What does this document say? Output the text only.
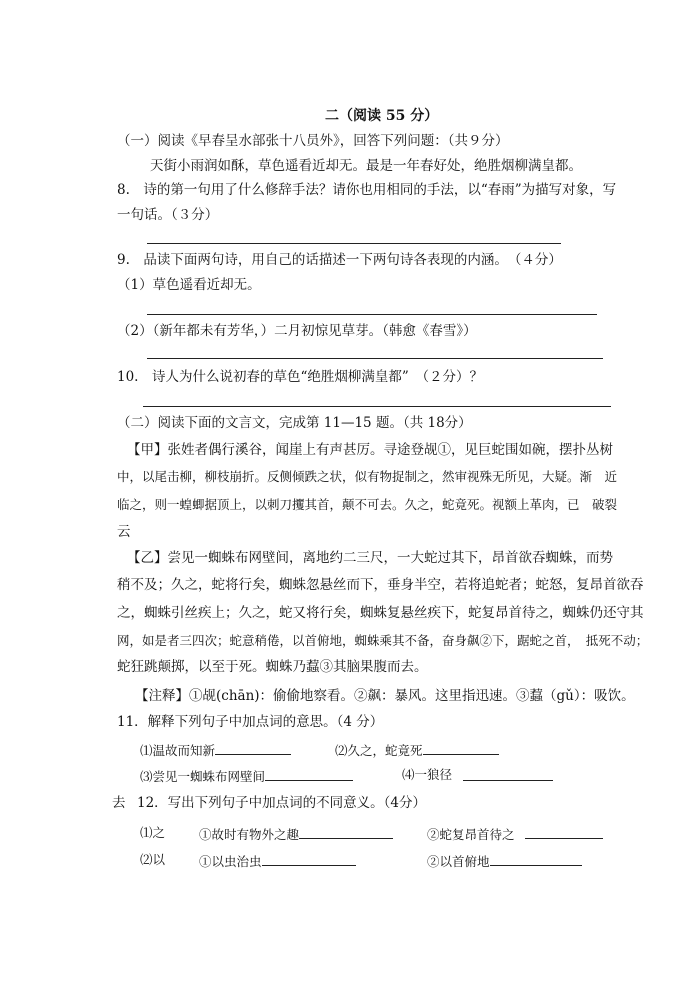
二（阅读 55 分）
（一）阅读《早春呈水部张十八员外》，回答下列问题：（共９分）
天街小雨润如酥，草色遥看近却无。最是一年春好处，绝胜烟柳满皇都。
8.　诗的第一句用了什么修辞手法？请你也用相同的手法，以“春雨”为描写对象，写
一句话。（３分）
9.　品读下面两句诗，用自己的话描述一下两句诗各表现的内涵。　（４分）
（1）草色遥看近却无。
（2）（新年都未有芳华，）二月初惊见草芽。（韩愈《春雪》）
10.　诗人为什么说初春的草色“绝胜烟柳满皇都”　（２分）？
（二）阅读下面的文言文，完成第 11—15 题。（共 18分）
【甲】张姓者偶行溪谷，闻崖上有声甚厉。寻途登觇①，见巨蛇围如碗，摆扑丛树
中，以尾击柳，柳枝崩折。反侧倾跌之状，似有物捉制之，然审视殊无所见，大疑。渐　近
临之，则一蝗蝍据顶上，以刺刀攫其首，颠不可去。久之，蛇竟死。视额上革肉，已　破裂
云
【乙】尝见一蜘蛛布网壁间，离地约二三尺，一大蛇过其下，昂首欲吞蜘蛛，而势
稍不及；久之，蛇将行矣，蜘蛛忽悬丝而下，垂身半空，若将追蛇者；蛇怒，复昂首欲吞
之，蜘蛛引丝疾上；久之，蛇又将行矣，蜘蛛复悬丝疾下，蛇复昂首待之，蜘蛛仍还守其
网，如是者三四次；蛇意稍倦，以首俯地，蜘蛛乘其不备，奋身飙②下，踞蛇之首，　抵死不动；
蛇狂跳颠掷，以至于死。蜘蛛乃蠚③其脑果腹而去。
【注释】①觇(chān)：偷偷地察看。②飙：暴风。这里指迅速。③蠚（gǔ）：吸饮。
11．解释下列句子中加点词的意思。（4 分）
⑴温故而知新	⑵久之，蛇竟死
⑶尝见一蜘蛛布网壁间	⑷一狼径
去 12．写出下列句子中加点词的不同意义。（4分）
⑴之	①故时有物外之趣	②蛇复昂首待之
⑵以	①以虫治虫	②以首俯地
